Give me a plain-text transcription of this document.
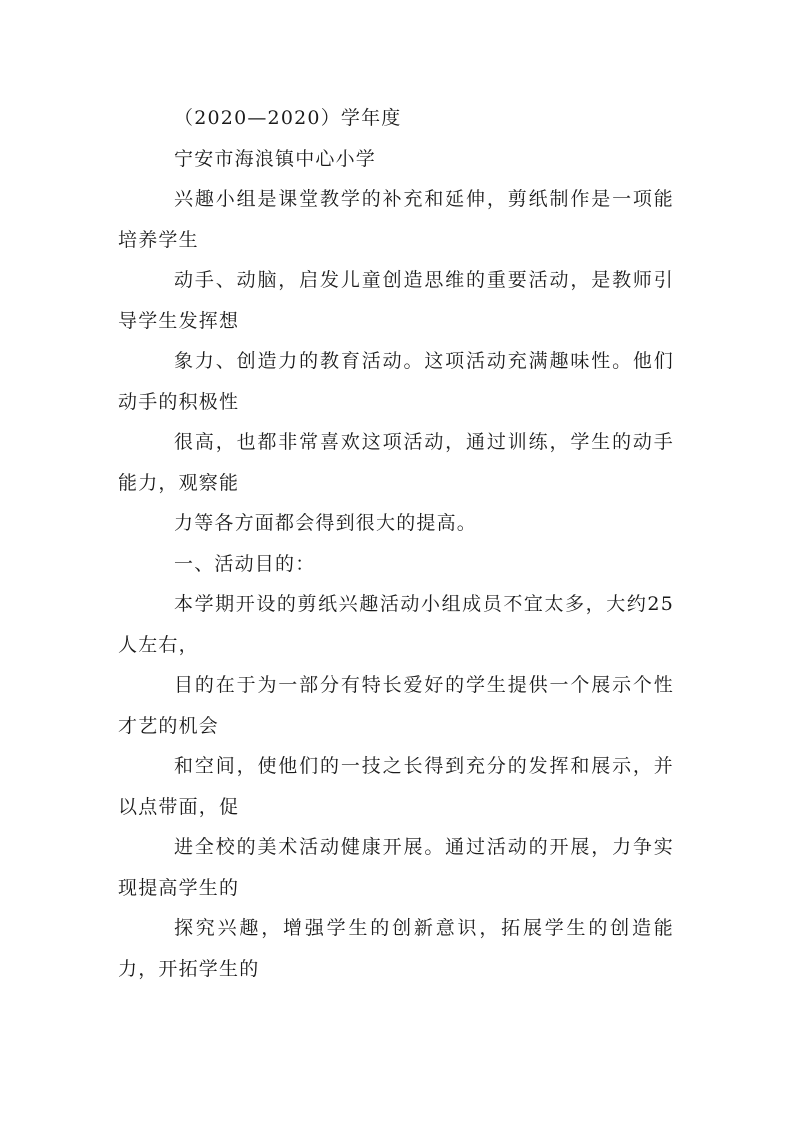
（2020—2020）学年度

宁安市海浪镇中心小学

兴趣小组是课堂教学的补充和延伸，剪纸制作是一项能培养学生

动手、动脑，启发儿童创造思维的重要活动，是教师引导学生发挥想

象力、创造力的教育活动。这项活动充满趣味性。他们动手的积极性

很高，也都非常喜欢这项活动，通过训练，学生的动手能力，观察能

力等各方面都会得到很大的提高。

一、活动目的：

本学期开设的剪纸兴趣活动小组成员不宜太多，大约25人左右，

目的在于为一部分有特长爱好的学生提供一个展示个性才艺的机会

和空间，使他们的一技之长得到充分的发挥和展示，并以点带面，促

进全校的美术活动健康开展。通过活动的开展，力争实现提高学生的

探究兴趣，增强学生的创新意识，拓展学生的创造能力，开拓学生的
